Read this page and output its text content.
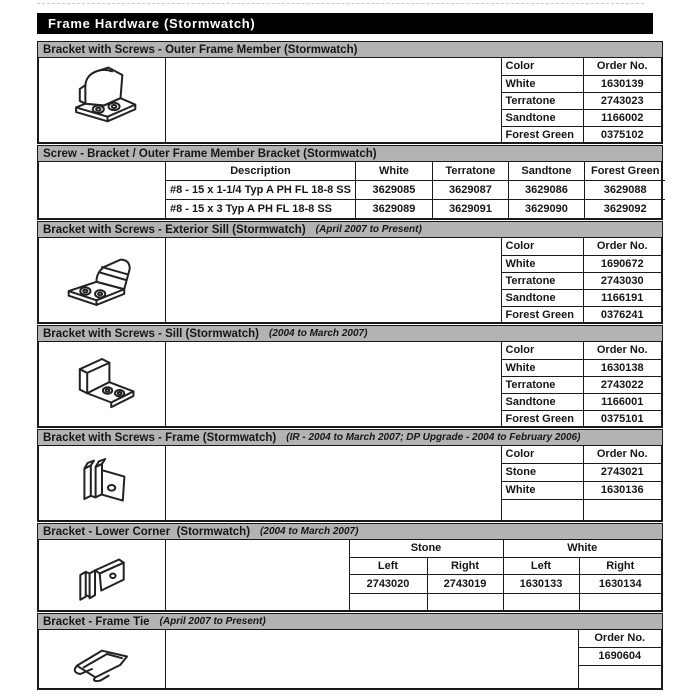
Frame Hardware (Stormwatch)
Bracket with Screws - Outer Frame Member (Stormwatch)
Color	Order No.
White	1630139
Terratone	2743023
Sandtone	1166002
Forest Green	0375102
Screw - Bracket / Outer Frame Member Bracket (Stormwatch)
Description	White	Terratone	Sandtone	Forest Green
#8 - 15 x 1-1/4 Typ A PH FL 18-8 SS	3629085	3629087	3629086	3629088
#8 - 15 x 3 Typ A PH FL 18-8 SS	3629089	3629091	3629090	3629092
Bracket with Screws - Exterior Sill (Stormwatch) (April 2007 to Present)
Color	Order No.
White	1690672
Terratone	2743030
Sandtone	1166191
Forest Green	0376241
Bracket with Screws - Sill (Stormwatch) (2004 to March 2007)
Color	Order No.
White	1630138
Terratone	2743022
Sandtone	1166001
Forest Green	0375101
Bracket with Screws - Frame (Stormwatch) (IR - 2004 to March 2007; DP Upgrade - 2004 to February 2006)
Color	Order No.
Stone	2743021
White	1630136

Bracket - Lower Corner  (Stormwatch) (2004 to March 2007)
Stone		White	
Left	Right	Left	Right
2743020	2743019	1630133	1630134

Bracket - Frame Tie (April 2007 to Present)
Order No.
1690604
